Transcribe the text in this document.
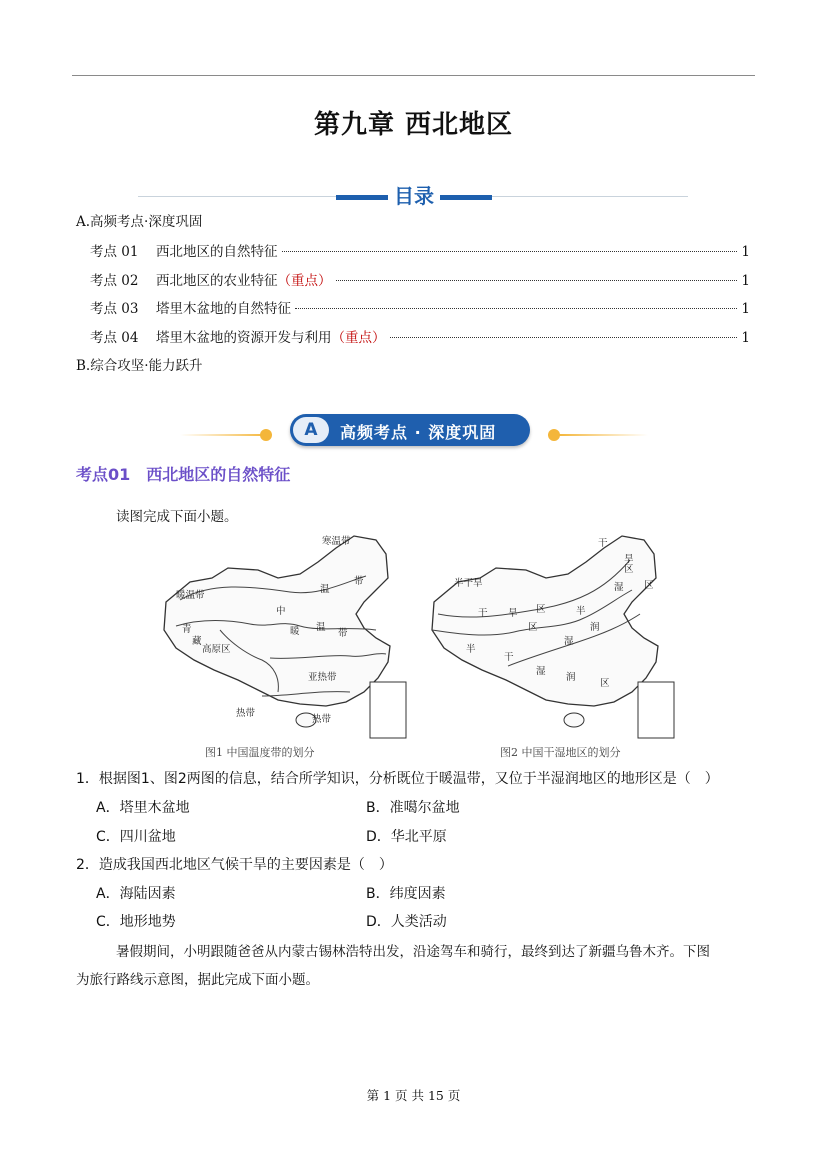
第九章 西北地区
目录
A.高频考点·深度巩固
考点 01	西北地区的自然特征	1
考点 02	西北地区的农业特征（重点）	1
考点 03	塔里木盆地的自然特征	1
考点 04	塔里木盆地的资源开发与利用（重点）	1
B.综合攻坚·能力跃升
A	高频考点 · 深度巩固
考点01　西北地区的自然特征
读图完成下面小题。
寒温带
中
温
带
暖温带
青
藏
高原区
暖 温
带
亚热带
热带
热带
图1 中国温度带的划分
干
旱
区
半干旱
干 旱 区	半
湿
润
湿
润
区
半
干
湿
区
区
图2 中国干湿地区的划分
1．根据图1、图2两图的信息，结合所学知识，分析既位于暖温带，又位于半湿润地区的地形区是（　）
A．塔里木盆地	B．准噶尔盆地
C．四川盆地	D．华北平原
2．造成我国西北地区气候干旱的主要因素是（　）
A．海陆因素	B．纬度因素
C．地形地势	D．人类活动
暑假期间，小明跟随爸爸从内蒙古锡林浩特出发，沿途驾车和骑行，最终到达了新疆乌鲁木齐。下图
为旅行路线示意图，据此完成下面小题。
第 1 页 共 15 页
